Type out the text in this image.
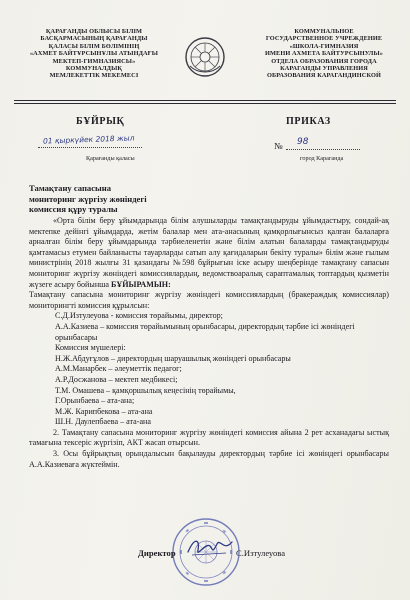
ҚАРАҒАНДЫ ОБЛЫСЫ БІЛІМ
БАСҚАРМАСЫНЫҢ ҚАРАҒАНДЫ
ҚАЛАСЫ БІЛІМ БӨЛІМІНІҢ
«АХМЕТ БАЙТҰРСЫНҰЛЫ АТЫНДАҒЫ
МЕКТЕП-ГИМНАЗИЯСЫ»
КОММУНАЛДЫҚ
МЕМЛЕКЕТТІК МЕКЕМЕСІ
КОММУНАЛЬНОЕ
ГОСУДАРСТВЕННОЕ УЧРЕЖДЕНИЕ
«ШКОЛА-ГИМНАЗИЯ
ИМЕНИ АХМЕТА БАЙТУРСЫНУЛЫ»
ОТДЕЛА ОБРАЗОВАНИЯ ГОРОДА
КАРАГАНДЫ УПРАВЛЕНИЯ
ОБРАЗОВАНИЯ КАРАГАНДИНСКОЙ
БҰЙРЫҚ	ПРИКАЗ
01 қыркүйек 2018 жыл
№ 98
Қарағанды қаласы	город Караганда
Тамақтану сапасына
мониторинг жүргізу жөніндегі
комиссия құру туралы

«Орта білім беру ұйымдарында білім алушыларды тамақтандыруды ұйымдастыру, сондай-ақ мектепке дейінгі ұйымдарда, жетім балалар мен ата-анасының қамқорлығынсыз қалған балаларға арналған білім беру ұйымдарында тәрбиеленетін және білім алатын балаларды тамақтандыруды қамтамасыз етумен байланысты тауарларды сатып алу қағидаларын бекіту туралы» білім және ғылым министрінің 2018 жылғы 31 қазандағы №598 бұйрығын іске асыру шеңберінде тамақтану сапасын мониторинг жүргізу жөніндегі комиссиялардың, ведомствоаралық сараптамалық топтардың қызметін жүзеге асыру бойынша БҰЙЫРАМЫН:

Тамақтану сапасына мониторинг жүргізу жөніндегі комиссиялардың (бракераждық комиссиялар) мониторингті комиссия құрылсын:

С.Д.Изтулеуова - комиссия төрайымы, директор;

А.А.Казиева – комиссия төрайымының орынбасары, директордың тәрбие ісі жөніндегі орынбасары

Комиссия мүшелері:

Н.Ж.Абдуғұлов – директордың шаруашылық жөніндегі орынбасары

А.М.Манарбек – әлеуметтік педагог;

А.Р.Досжанова – мектеп медбикесі;

Т.М. Омашева – қамқоршылық кеңесінің төрайымы,

Г.Орынбаева – ата-ана;

М.Ж. Карипбекова – ата-ана

Ш.Н. Даулепбаева – ата-ана

2. Тамақтану сапасына мониторинг жүргізу жөніндегі комиссия айына 2 рет асханадағы ыстық тамағына тексеріс жүргізіп, АКТ жасап отырсын.

3. Осы бұйрықтың орындалысын бақылауды директордың тәрбие ісі жөніндегі орынбасары А.А.Казиеваға жүктеймін.

Директор	С.Изтулеуова
